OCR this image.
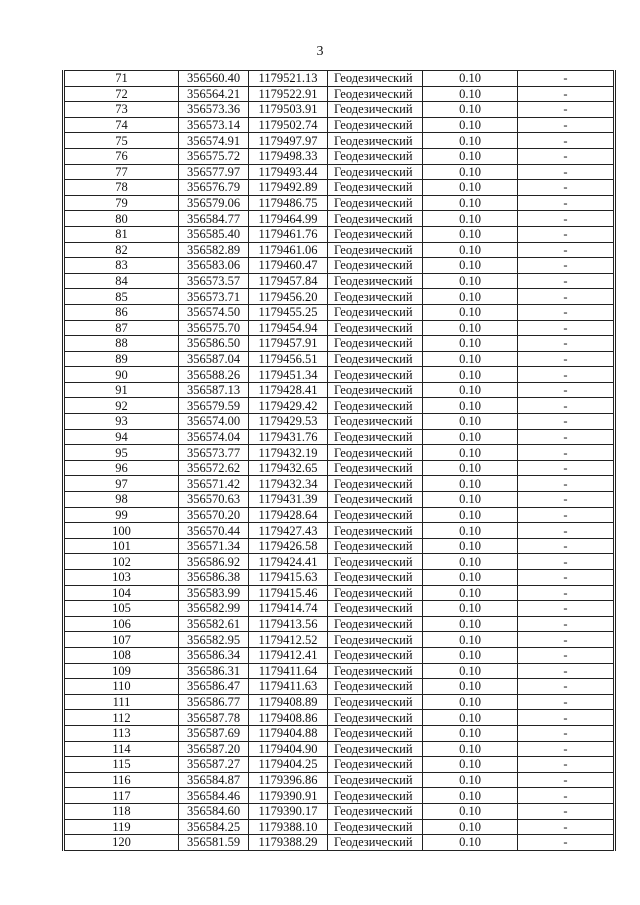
3
71	356560.40	1179521.13	Геодезический	0.10	-
72	356564.21	1179522.91	Геодезический	0.10	-
73	356573.36	1179503.91	Геодезический	0.10	-
74	356573.14	1179502.74	Геодезический	0.10	-
75	356574.91	1179497.97	Геодезический	0.10	-
76	356575.72	1179498.33	Геодезический	0.10	-
77	356577.97	1179493.44	Геодезический	0.10	-
78	356576.79	1179492.89	Геодезический	0.10	-
79	356579.06	1179486.75	Геодезический	0.10	-
80	356584.77	1179464.99	Геодезический	0.10	-
81	356585.40	1179461.76	Геодезический	0.10	-
82	356582.89	1179461.06	Геодезический	0.10	-
83	356583.06	1179460.47	Геодезический	0.10	-
84	356573.57	1179457.84	Геодезический	0.10	-
85	356573.71	1179456.20	Геодезический	0.10	-
86	356574.50	1179455.25	Геодезический	0.10	-
87	356575.70	1179454.94	Геодезический	0.10	-
88	356586.50	1179457.91	Геодезический	0.10	-
89	356587.04	1179456.51	Геодезический	0.10	-
90	356588.26	1179451.34	Геодезический	0.10	-
91	356587.13	1179428.41	Геодезический	0.10	-
92	356579.59	1179429.42	Геодезический	0.10	-
93	356574.00	1179429.53	Геодезический	0.10	-
94	356574.04	1179431.76	Геодезический	0.10	-
95	356573.77	1179432.19	Геодезический	0.10	-
96	356572.62	1179432.65	Геодезический	0.10	-
97	356571.42	1179432.34	Геодезический	0.10	-
98	356570.63	1179431.39	Геодезический	0.10	-
99	356570.20	1179428.64	Геодезический	0.10	-
100	356570.44	1179427.43	Геодезический	0.10	-
101	356571.34	1179426.58	Геодезический	0.10	-
102	356586.92	1179424.41	Геодезический	0.10	-
103	356586.38	1179415.63	Геодезический	0.10	-
104	356583.99	1179415.46	Геодезический	0.10	-
105	356582.99	1179414.74	Геодезический	0.10	-
106	356582.61	1179413.56	Геодезический	0.10	-
107	356582.95	1179412.52	Геодезический	0.10	-
108	356586.34	1179412.41	Геодезический	0.10	-
109	356586.31	1179411.64	Геодезический	0.10	-
110	356586.47	1179411.63	Геодезический	0.10	-
111	356586.77	1179408.89	Геодезический	0.10	-
112	356587.78	1179408.86	Геодезический	0.10	-
113	356587.69	1179404.88	Геодезический	0.10	-
114	356587.20	1179404.90	Геодезический	0.10	-
115	356587.27	1179404.25	Геодезический	0.10	-
116	356584.87	1179396.86	Геодезический	0.10	-
117	356584.46	1179390.91	Геодезический	0.10	-
118	356584.60	1179390.17	Геодезический	0.10	-
119	356584.25	1179388.10	Геодезический	0.10	-
120	356581.59	1179388.29	Геодезический	0.10	-
